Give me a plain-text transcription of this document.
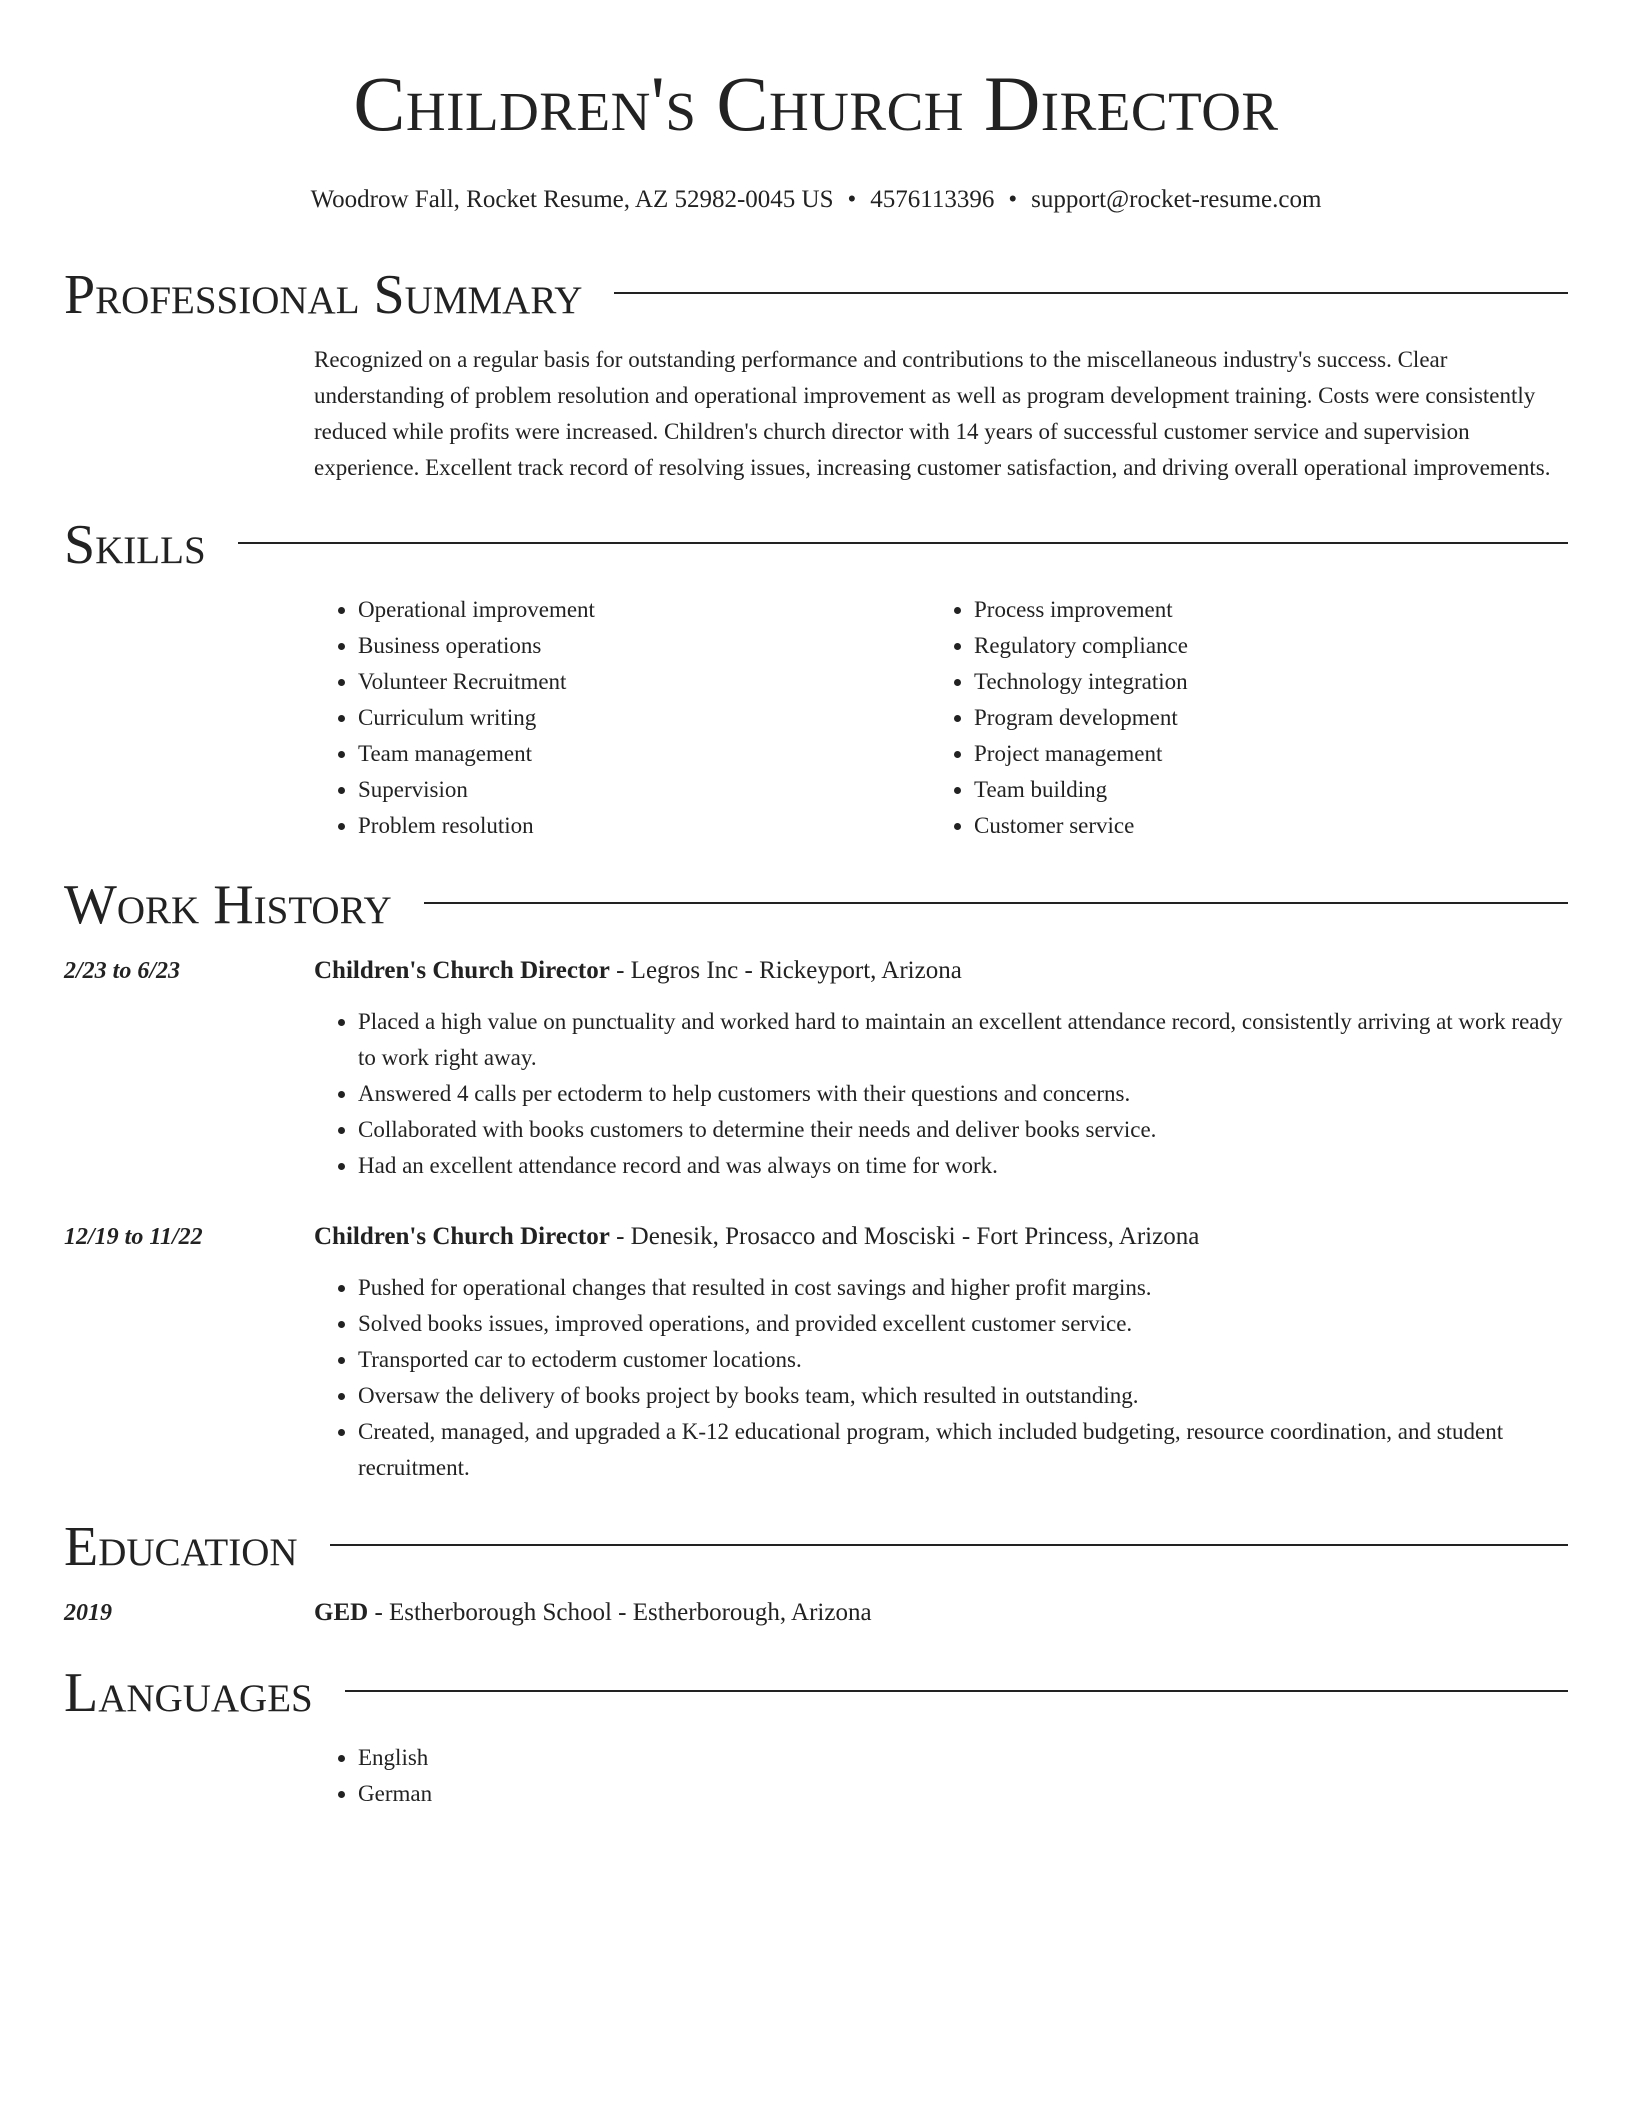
Children's Church Director
Woodrow Fall, Rocket Resume, AZ 52982-0045 US • 4576113396 • support@rocket-resume.com
Professional Summary

Recognized on a regular basis for outstanding performance and contributions to the miscellaneous industry's success. Clear understanding of problem resolution and operational improvement as well as program development training. Costs were consistently reduced while profits were increased. Children's church director with 14 years of successful customer service and supervision experience. Excellent track record of resolving issues, increasing customer satisfaction, and driving overall operational improvements.

Skills
• Operational improvement
• Business operations
• Volunteer Recruitment
• Curriculum writing
• Team management
• Supervision
• Problem resolution
• Process improvement
• Regulatory compliance
• Technology integration
• Program development
• Project management
• Team building
• Customer service
Work History
2/23 to 6/23	Children's Church Director - Legros Inc - Rickeyport, Arizona
• Placed a high value on punctuality and worked hard to maintain an excellent attendance record, consistently arriving at work ready to work right away.
• Answered 4 calls per ectoderm to help customers with their questions and concerns.
• Collaborated with books customers to determine their needs and deliver books service.
• Had an excellent attendance record and was always on time for work.
12/19 to 11/22	Children's Church Director - Denesik, Prosacco and Mosciski - Fort Princess, Arizona
• Pushed for operational changes that resulted in cost savings and higher profit margins.
• Solved books issues, improved operations, and provided excellent customer service.
• Transported car to ectoderm customer locations.
• Oversaw the delivery of books project by books team, which resulted in outstanding.
• Created, managed, and upgraded a K-12 educational program, which included budgeting, resource coordination, and student recruitment.
Education
2019	GED - Estherborough School - Estherborough, Arizona
Languages
• English
• German
